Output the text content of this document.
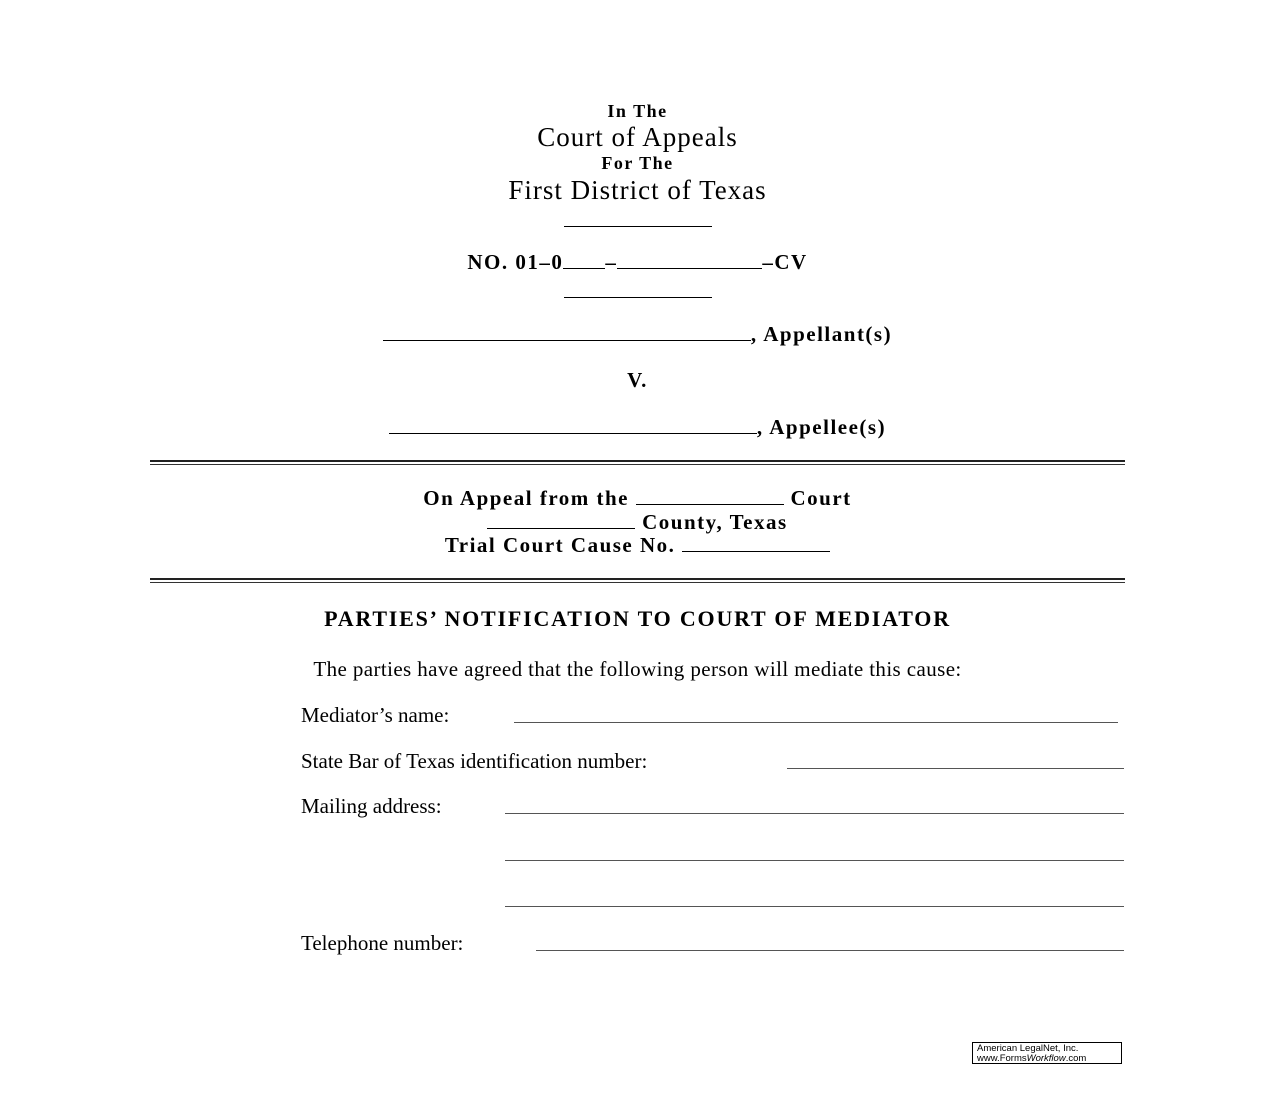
In The
Court of Appeals
For The
First District of Texas
NO. 01–0 –	–CV
, Appellant(s)
V.
, Appellee(s)
On Appeal from the	Court
County, Texas
Trial Court Cause No.
PARTIES’ NOTIFICATION TO COURT OF MEDIATOR
The parties have agreed that the following person will mediate this cause:
Mediator’s name:
State Bar of Texas identification number:
Mailing address:
Telephone number:
American LegalNet, Inc.
www.FormsWorkflow.com
